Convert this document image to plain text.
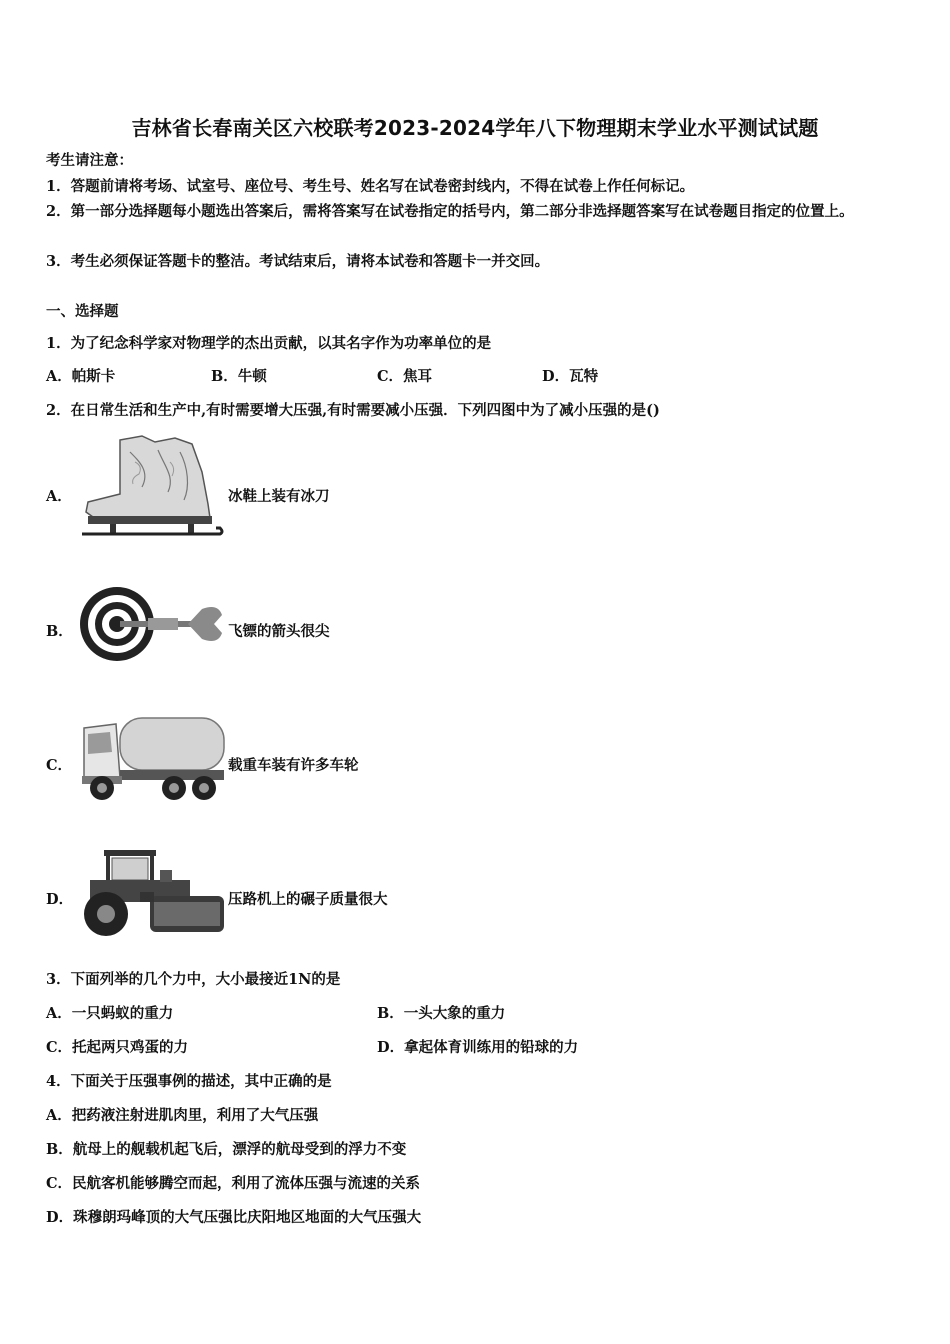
吉林省长春南关区六校联考2023-2024学年八下物理期末学业水平测试试题
考生请注意：
1．答题前请将考场、试室号、座位号、考生号、姓名写在试卷密封线内，不得在试卷上作任何标记。
2．第一部分选择题每小题选出答案后，需将答案写在试卷指定的括号内，第二部分非选择题答案写在试卷题目指定的位置上。
3．考生必须保证答题卡的整洁。考试结束后，请将本试卷和答题卡一并交回。
一、选择题
1．为了纪念科学家对物理学的杰出贡献，以其名字作为功率单位的是
A．帕斯卡	B．牛顿	C．焦耳	D．瓦特
2．在日常生活和生产中,有时需要增大压强,有时需要减小压强．下列四图中为了减小压强的是()
A．	冰鞋上装有冰刀
B．	飞镖的箭头很尖
C．	载重车装有许多车轮
D．	压路机上的碾子质量很大
3．下面列举的几个力中，大小最接近1N的是
A．一只蚂蚁的重力	B．一头大象的重力
C．托起两只鸡蛋的力	D．拿起体育训练用的铅球的力
4．下面关于压强事例的描述，其中正确的是
A．把药液注射进肌肉里，利用了大气压强
B．航母上的舰载机起飞后，漂浮的航母受到的浮力不变
C．民航客机能够腾空而起，利用了流体压强与流速的关系
D．珠穆朗玛峰顶的大气压强比庆阳地区地面的大气压强大
